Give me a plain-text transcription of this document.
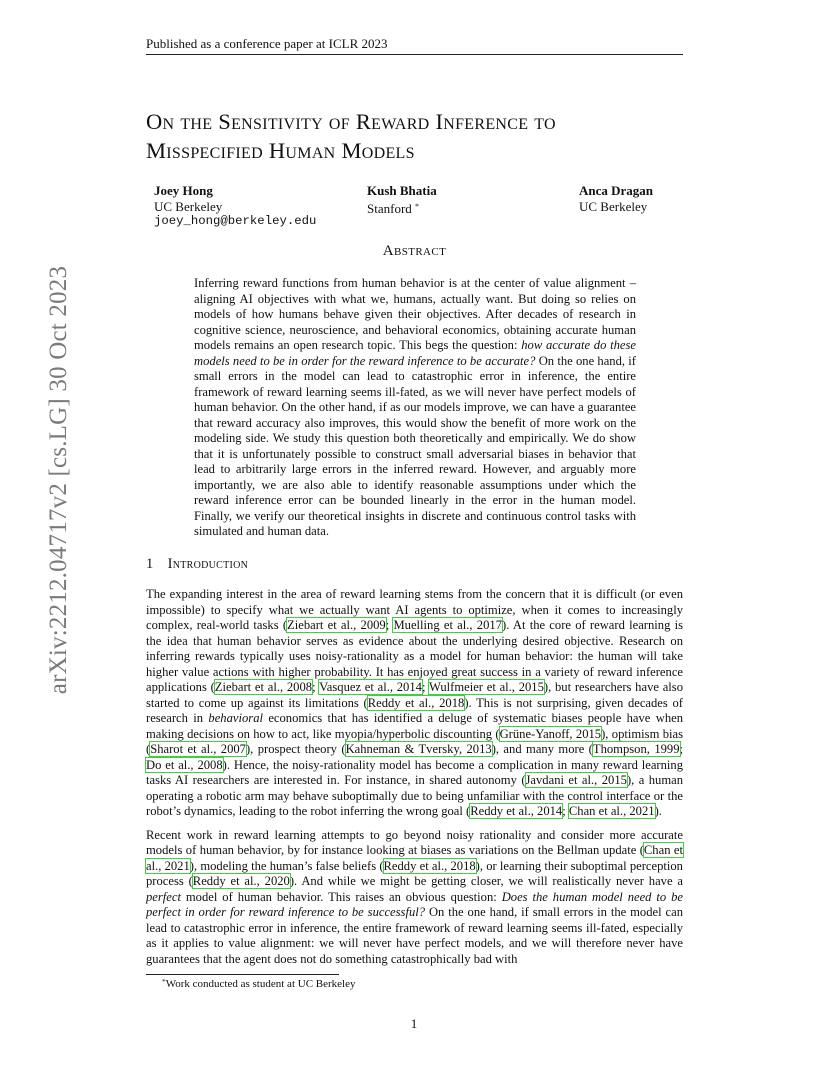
Published as a conference paper at ICLR 2023
arXiv:2212.04717v2 [cs.LG] 30 Oct 2023
On the Sensitivity of Reward Inference to
Misspecified Human Models
Joey Hong
UC Berkeley
joey_hong@berkeley.edu
Kush Bhatia
Stanford *
Anca Dragan
UC Berkeley
Abstract
Inferring reward functions from human behavior is at the center of value alignment – aligning AI objectives with what we, humans, actually want. But doing so relies on models of how humans behave given their objectives. After decades of research in cognitive science, neuroscience, and behavioral economics, obtaining accurate human models remains an open research topic. This begs the question: how accurate do these models need to be in order for the reward inference to be accurate? On the one hand, if small errors in the model can lead to catastrophic error in inference, the entire framework of reward learning seems ill-fated, as we will never have perfect models of human behavior. On the other hand, if as our models improve, we can have a guarantee that reward accuracy also improves, this would show the benefit of more work on the modeling side. We study this question both theoretically and empirically. We do show that it is unfortunately possible to construct small adversarial biases in behavior that lead to arbitrarily large errors in the inferred reward. However, and arguably more importantly, we are also able to identify reasonable assumptions under which the reward inference error can be bounded linearly in the error in the human model. Finally, we verify our theoretical insights in discrete and continuous control tasks with simulated and human data.
1 Introduction

The expanding interest in the area of reward learning stems from the concern that it is difficult (or even impossible) to specify what we actually want AI agents to optimize, when it comes to increasingly complex, real-world tasks (Ziebart et al., 2009; Muelling et al., 2017). At the core of reward learning is the idea that human behavior serves as evidence about the underlying desired objective. Research on inferring rewards typically uses noisy-rationality as a model for human behavior: the human will take higher value actions with higher probability. It has enjoyed great success in a variety of reward inference applications (Ziebart et al., 2008; Vasquez et al., 2014; Wulfmeier et al., 2015), but researchers have also started to come up against its limitations (Reddy et al., 2018). This is not surprising, given decades of research in behavioral economics that has identified a deluge of systematic biases people have when making decisions on how to act, like myopia/hyperbolic discounting (Grüne-Yanoff, 2015), optimism bias (Sharot et al., 2007), prospect theory (Kahneman & Tversky, 2013), and many more (Thompson, 1999; Do et al., 2008). Hence, the noisy-rationality model has become a complication in many reward learning tasks AI researchers are interested in. For instance, in shared autonomy (Javdani et al., 2015), a human operating a robotic arm may behave suboptimally due to being unfamiliar with the control interface or the robot’s dynamics, leading to the robot inferring the wrong goal (Reddy et al., 2014; Chan et al., 2021).

Recent work in reward learning attempts to go beyond noisy rationality and consider more accurate models of human behavior, by for instance looking at biases as variations on the Bellman update (Chan et al., 2021), modeling the human’s false beliefs (Reddy et al., 2018), or learning their suboptimal perception process (Reddy et al., 2020). And while we might be getting closer, we will realistically never have a perfect model of human behavior. This raises an obvious question: Does the human model need to be perfect in order for reward inference to be successful? On the one hand, if small errors in the model can lead to catastrophic error in inference, the entire framework of reward learning seems ill-fated, especially as it applies to value alignment: we will never have perfect models, and we will therefore never have guarantees that the agent does not do something catastrophically bad with

*Work conducted as student at UC Berkeley
1
